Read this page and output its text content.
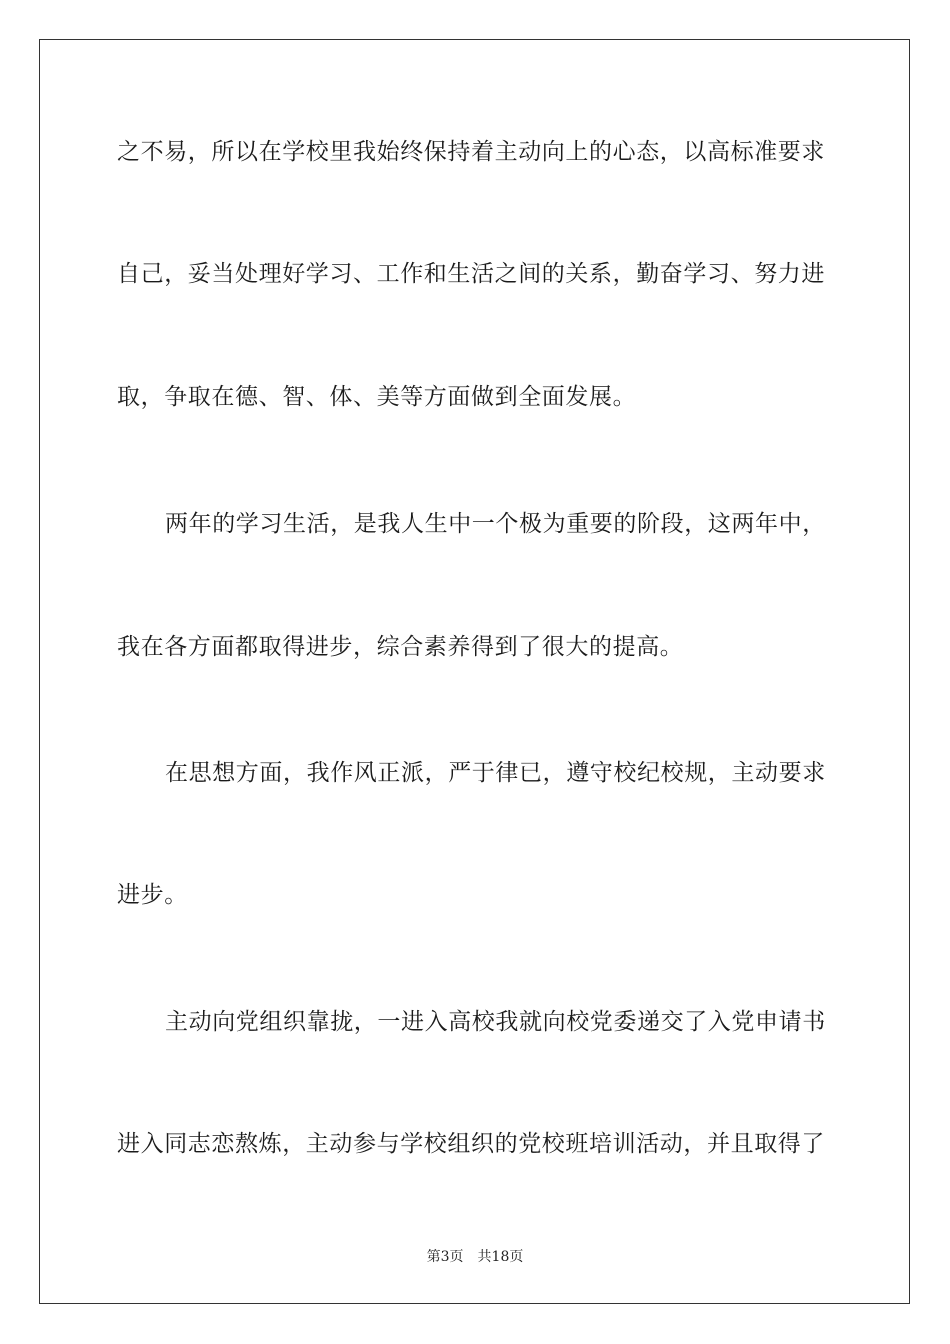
之不易，所以在学校里我始终保持着主动向上的心态，以高标准要求
自己，妥当处理好学习、工作和生活之间的关系，勤奋学习、努力进
取，争取在德、智、体、美等方面做到全面发展。
两年的学习生活，是我人生中一个极为重要的阶段，这两年中，
我在各方面都取得进步，综合素养得到了很大的提高。
在思想方面，我作风正派，严于律已，遵守校纪校规，主动要求
进步。
主动向党组织靠拢，一进入高校我就向校党委递交了入党申请书
进入同志恋熬炼，主动参与学校组织的党校班培训活动，并且取得了
第3页 共18页
